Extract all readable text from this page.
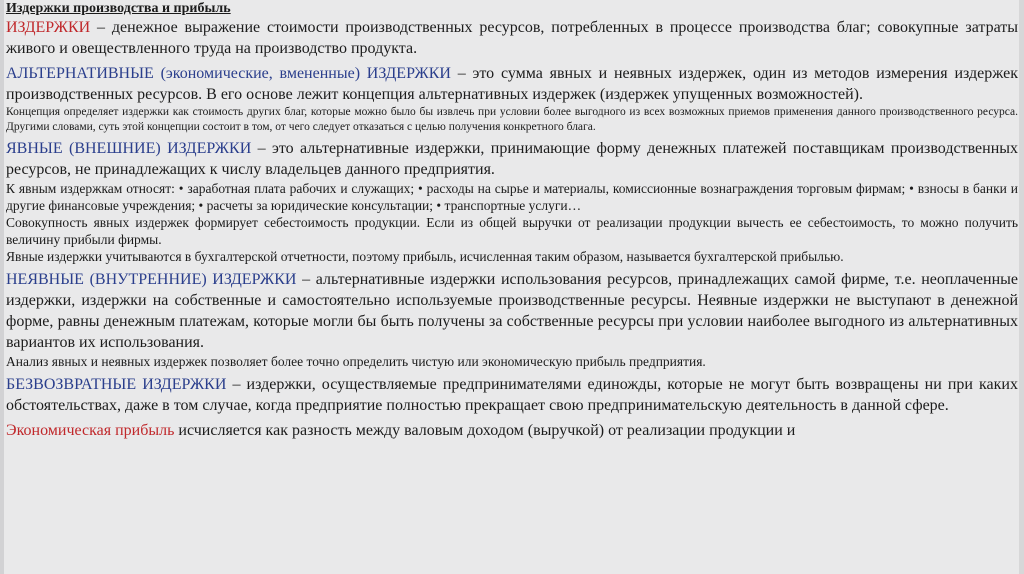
Издержки производства и прибыль

ИЗДЕРЖКИ – денежное выражение стоимости производственных ресурсов, потребленных в процессе производства благ; совокупные затраты живого и овеществленного труда на производство продукта.

АЛЬТЕРНАТИВНЫЕ (экономические, вмененные) ИЗДЕРЖКИ – это сумма явных и неявных издержек, один из методов измерения издержек производственных ресурсов. В его основе лежит концепция альтернативных издержек (издержек упущенных возможностей).

Концепция определяет издержки как стоимость других благ, которые можно было бы извлечь при условии более выгодного из всех возможных приемов применения данного производственного ресурса. Другими словами, суть этой концепции состоит в том, от чего следует отказаться с целью получения конкретного блага.

ЯВНЫЕ (ВНЕШНИЕ) ИЗДЕРЖКИ – это альтернативные издержки, принимающие форму денежных платежей поставщикам производственных ресурсов, не принадлежащих к числу владельцев данного предприятия.

К явным издержкам относят: • заработная плата рабочих и служащих; • расходы на сырье и материалы, комиссионные вознаграждения торговым фирмам; • взносы в банки и другие финансовые учреждения; • расчеты за юридические консультации; • транспортные услуги…

Совокупность явных издержек формирует себестоимость продукции. Если из общей выручки от реализации продукции вычесть ее себестоимость, то можно получить величину прибыли фирмы.

Явные издержки учитываются в бухгалтерской отчетности, поэтому прибыль, исчисленная таким образом, называется бухгалтерской прибылью.

НЕЯВНЫЕ (ВНУТРЕННИЕ) ИЗДЕРЖКИ – альтернативные издержки использования ресурсов, принадлежащих самой фирме, т.е. неоплаченные издержки, издержки на собственные и самостоятельно используемые производственные ресурсы. Неявные издержки не выступают в денежной форме, равны денежным платежам, которые могли бы быть получены за собственные ресурсы при условии наиболее выгодного из альтернативных вариантов их использования.

Анализ явных и неявных издержек позволяет более точно определить чистую или экономическую прибыль предприятия.

БЕЗВОЗВРАТНЫЕ ИЗДЕРЖКИ – издержки, осуществляемые предпринимателями единожды, которые не могут быть возвращены ни при каких обстоятельствах, даже в том случае, когда предприятие полностью прекращает свою предпринимательскую деятельность в данной сфере.

Экономическая прибыль исчисляется как разность между валовым доходом (выручкой) от реализации продукции и
